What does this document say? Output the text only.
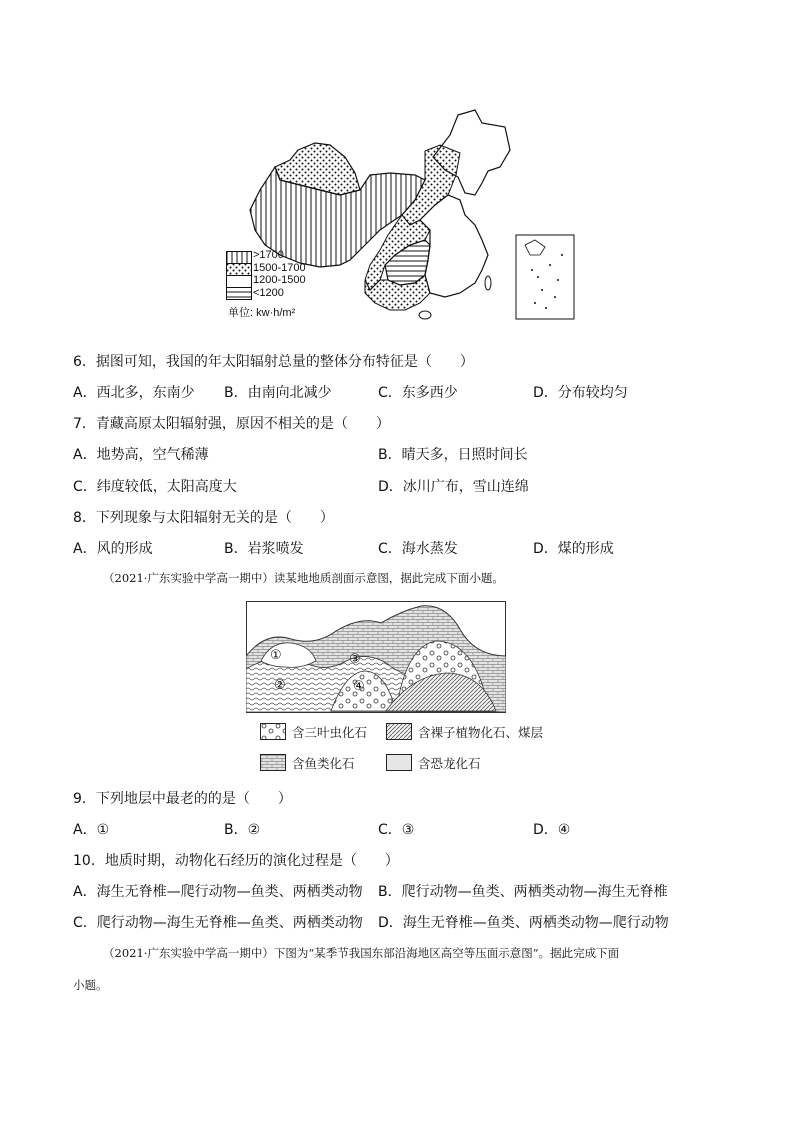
>1700
1500-1700
1200-1500
<1200
单位: kw·h/m²
6．据图可知，我国的年太阳辐射总量的整体分布特征是（　　）
A．西北多，东南少 B．由南向北减少	C．东多西少	D．分布较均匀
7．青藏高原太阳辐射强，原因不相关的是（　　）
A．地势高，空气稀薄	B．晴天多，日照时间长
C．纬度较低，太阳高度大	D．冰川广布，雪山连绵
8．下列现象与太阳辐射无关的是（　　）
A．风的形成	B．岩浆喷发	C．海水蒸发	D．煤的形成
（2021·广东实验中学高一期中）读某地地质剖面示意图，据此完成下面小题。
①
②
③
④
含三叶虫化石	含裸子植物化石、煤层
含鱼类化石	含恐龙化石
9．下列地层中最老的的是（　　）
A．①	B．②	C．③	D．④
10．地质时期，动物化石经历的演化过程是（　　）
A．海生无脊椎—爬行动物—鱼类、两栖类动物 B．爬行动物—鱼类、两栖类动物—海生无脊椎
C．爬行动物—海生无脊椎—鱼类、两栖类动物 D．海生无脊椎—鱼类、两栖类动物—爬行动物
（2021·广东实验中学高一期中）下图为“某季节我国东部沿海地区高空等压面示意图”。据此完成下面
小题。
